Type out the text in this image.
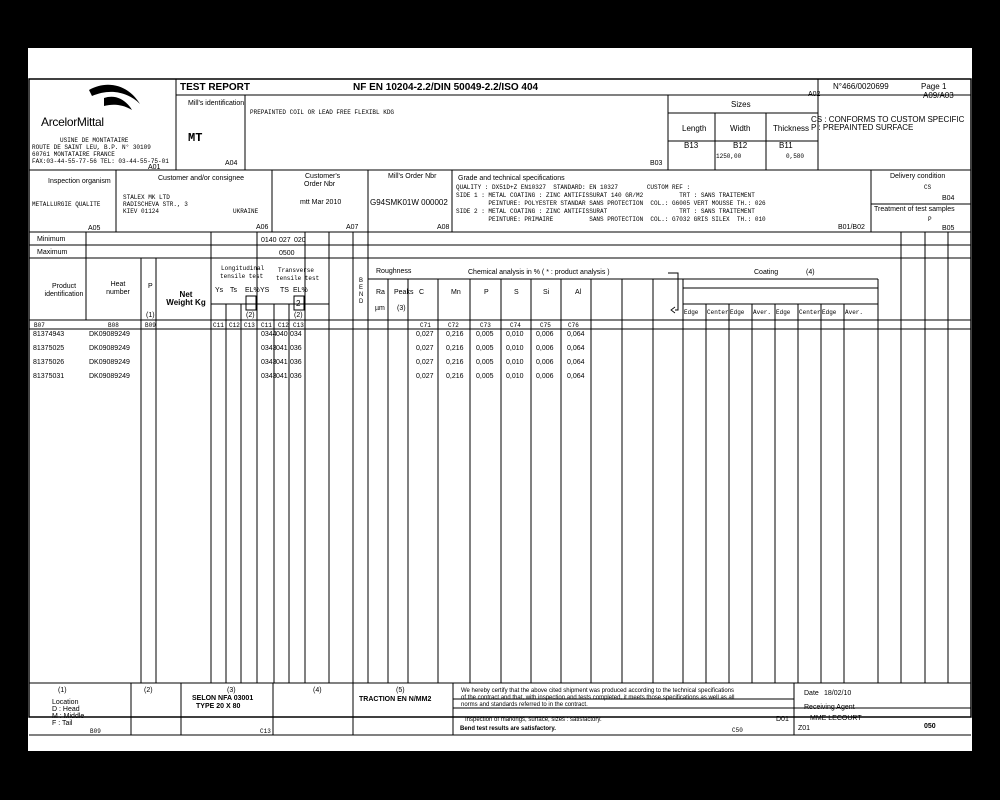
ArcelorMittal
USINE DE MONTATAIRE
ROUTE DE SAINT LEU, B.P. N° 30109
60761 MONTATAIRE FRANCE
FAX:03-44-55-77-56 TEL: 03-44-55-75-01
A01
TEST REPORT	NF EN 10204-2.2/DIN 50049-2.2/ISO 404
A02
N°466/0020699	Page 1
A09/A03
Mill's identification
MT
A04
PREPAINTED COIL OR LEAD FREE FLEXIBL KDG
B03
Sizes
Length	Width	Thickness
B13	B12	B11
1250,00	0,580
CS : CONFORMS TO CUSTOM SPECIFIC
P : PREPAINTED SURFACE
Inspection organism
METALLURGIE QUALITE
A05
Customer and/or consignee
STALEX MK LTD
RADISCHEVA STR., 3
KIEV 01124	UKRAINE
A06
Customer's
Order Nbr
mtt Mar 2010
A07
Mill's Order Nbr
G94SMK01W 000002
A08
Grade and technical specifications
QUALITY : DX51D+Z EN10327  STANDARD: EN 10327        CUSTOM REF :
SIDE 1 : METAL COATING : ZINC ANTIFISSURAT 140 GR/M2          TRT : SANS TRAITEMENT
PEINTURE: POLYESTER STANDAR SANS PROTECTION  COL.: G6005 VERT MOUSSE TH.: 026
SIDE 2 : METAL COATING : ZINC ANTIFISSURAT                    TRT : SANS TRAITEMENT
PEINTURE: PRIMAIRE          SANS PROTECTION  COL.: G7032 GRIS SILEX  TH.: 010
B01/B02
Delivery condition
CS
B04
Treatment of test samples
P
B05
Minimum
Maximum
0140 027 020
0500
Product
identification
Heat
number
P
(1)
Net
Weight Kg
Longitudinal
tensile test
Transverse
tensile test
Ys Ts EL% YS TS EL%
(2)	(2)
2
B E N D
Roughness
Ra
µm
Peaks
(3)
Chemical analysis in % ( * : product analysis )
C	Mn	P	S	Si	Al
Coating	(4)
Edge Center Edge Aver. Edge Center Edge Aver.
B07	B08	B09	C11 C12 C13 C11 C12 C13	C71	C72	C73	C74	C75	C76
81374943	DK09089249	0344 040 034	0,027 0,216 0,005 0,010 0,006 0,064
81375025	DK09089249	0343 041 036	0,027 0,216 0,005 0,010 0,006 0,064
81375026	DK09089249	0343 041 036	0,027 0,216 0,005 0,010 0,006 0,064
81375031	DK09089249	0343 041 036	0,027 0,216 0,005 0,010 0,006 0,064
(1)	(2)	(3)	(4)	(5)
Location
D : Head
M : Middle
F : Tail
B09
SELON NFA 03001
TYPE 20 X 80
C13
TRACTION EN N/MM2
We hereby certify that the above cited shipment was produced according to the technical specifications
of the contract and that, with inspection and tests completed, it meets those specifications as well as all
norms and standards referred to in the contract.
Inspection of markings, surface, sizes : satisfactory.	D01
Bend test results are satisfactory.	C50
Date 18/02/10
Receiving Agent
MME LECOURT
Z01	050
